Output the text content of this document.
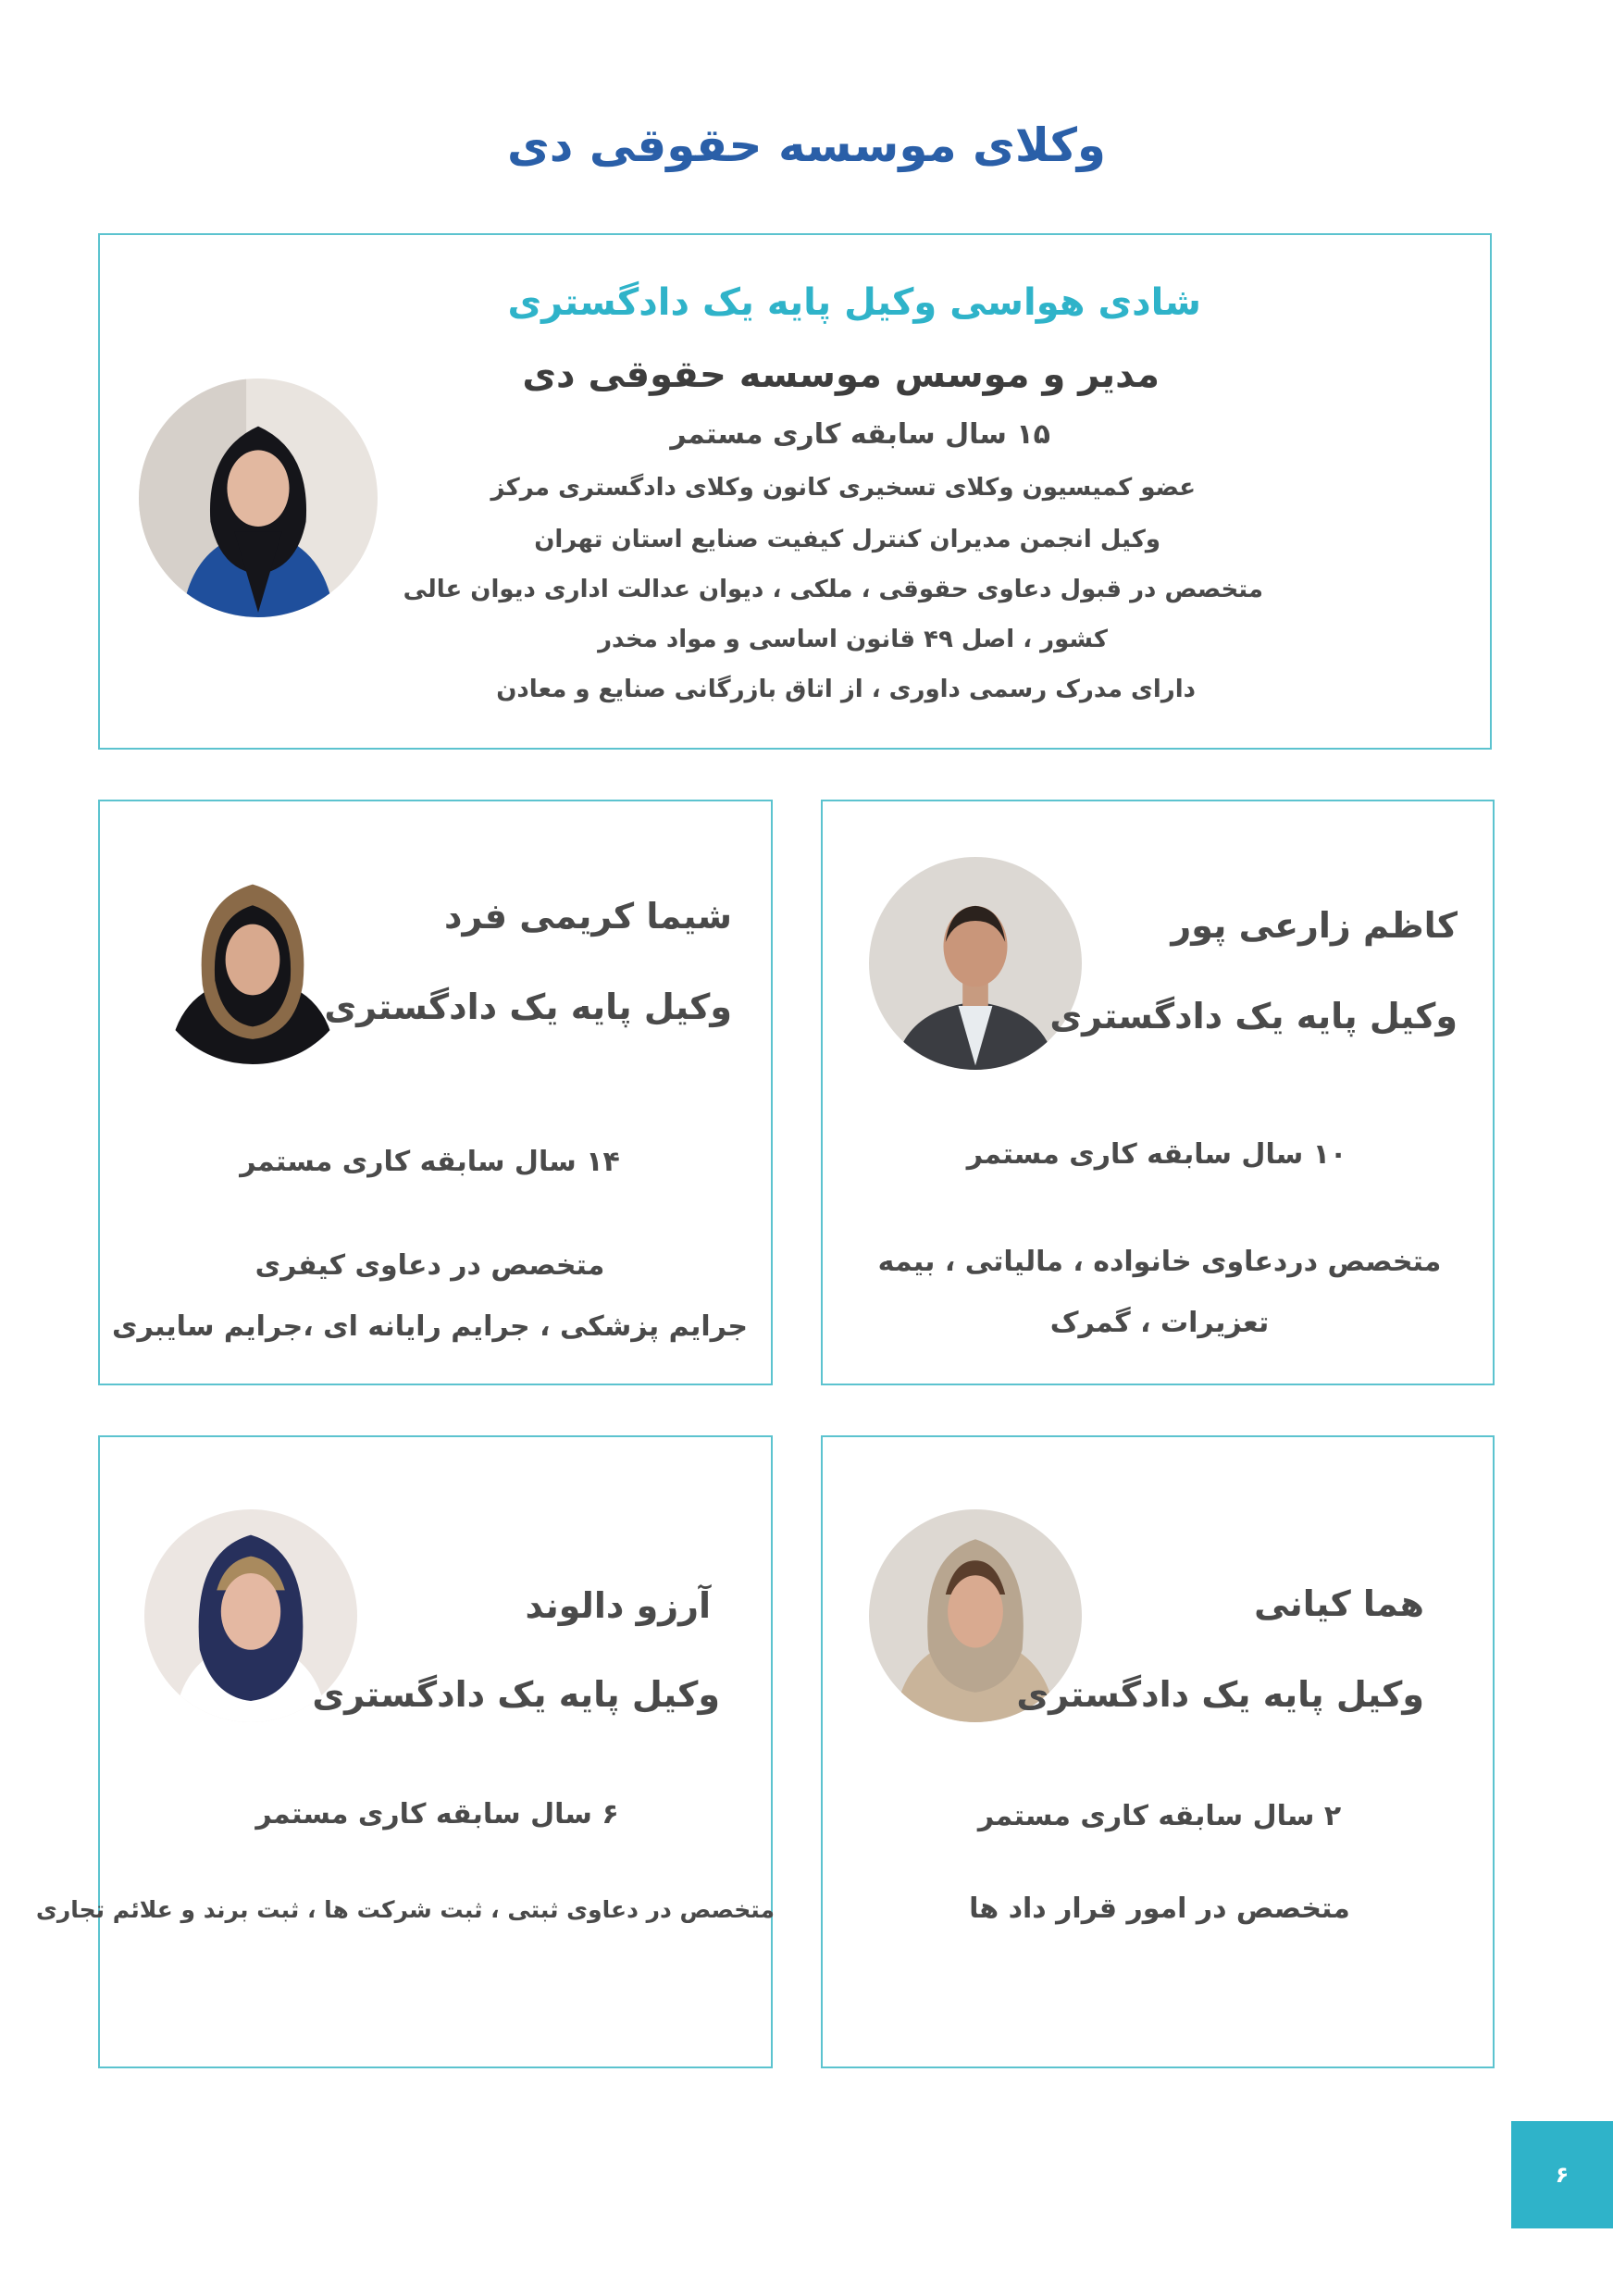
وکلای موسسه حقوقی دی
شادی هواسی وکیل پایه یک دادگستری
مدیر و موسس موسسه حقوقی دی
۱۵ سال سابقه کاری مستمر
عضو کمیسیون وکلای تسخیری کانون وکلای دادگستری مرکز
وکیل انجمن مدیران کنترل کیفیت صنایع استان تهران
متخصص در قبول دعاوی حقوقی ، ملکی ، دیوان عدالت اداری دیوان عالی
کشور ، اصل ۴۹ قانون اساسی و مواد مخدر
دارای مدرک رسمی داوری ، از اتاق بازرگانی صنایع و معادن
کاظم زارعی پور
وکیل پایه یک دادگستری
۱۰ سال سابقه کاری مستمر
متخصص دردعاوی خانواده ، مالیاتی ، بیمه
تعزیرات ، گمرک
شیما کریمی فرد
وکیل پایه یک دادگستری
۱۴ سال سابقه کاری مستمر
متخصص در دعاوی کیفری
جرایم پزشکی ، جرایم رایانه ای ،جرایم سایبری
هما کیانی
وکیل پایه یک دادگستری
۲ سال سابقه کاری مستمر
متخصص در امور قرار داد ها
آرزو دالوند
وکیل پایه یک دادگستری
۶ سال سابقه کاری مستمر
متخصص در دعاوی ثبتی ، ثبت شرکت ها ، ثبت برند و علائم تجاری
۶
